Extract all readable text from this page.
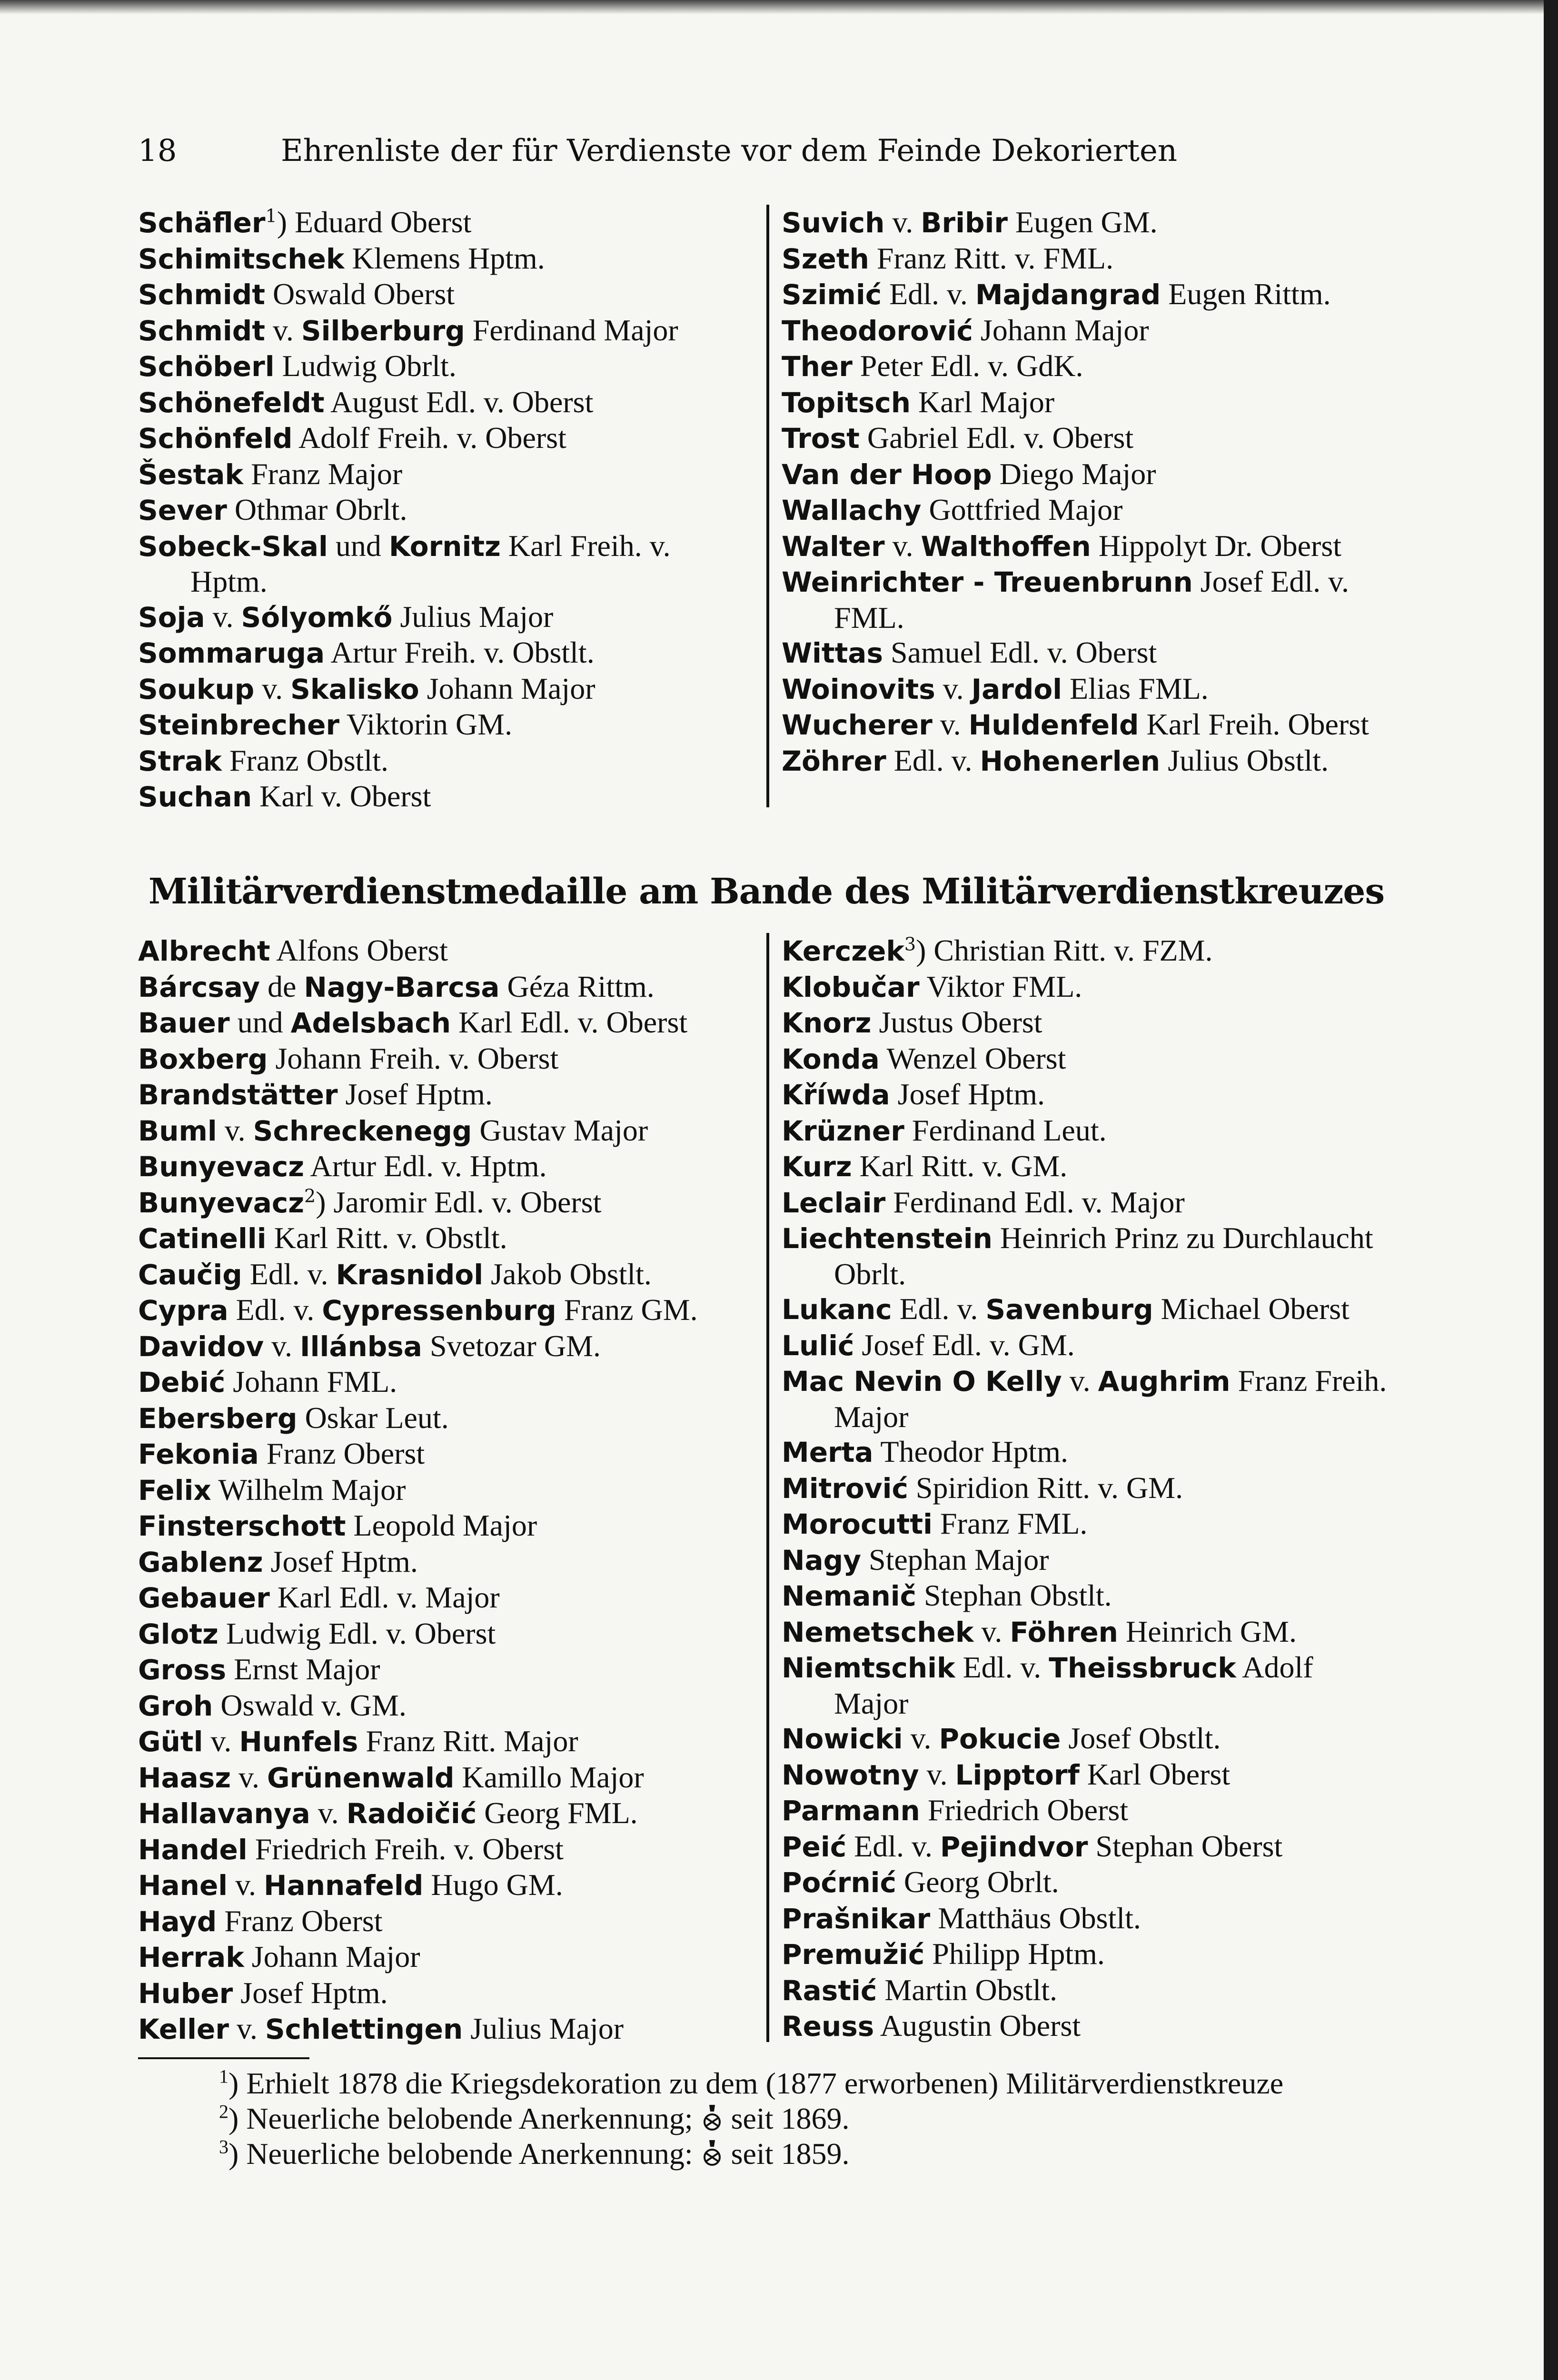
18	Ehrenliste der für Verdienste vor dem Feinde Dekorierten
Schäfler$^1$) Eduard Oberst
Schimitschek Klemens Hptm.
Schmidt Oswald Oberst
Schmidt v. Silberburg Ferdinand Major
Schöberl Ludwig Obrlt.
Schönefeldt August Edl. v. Oberst
Schönfeld Adolf Freih. v. Oberst
Šestak Franz Major
Sever Othmar Obrlt.
Sobeck-Skal und Kornitz Karl Freih. v. Hptm.
Soja v. Sólyomkő Julius Major
Sommaruga Artur Freih. v. Obstlt.
Soukup v. Skalisko Johann Major
Steinbrecher Viktorin GM.
Strak Franz Obstlt.
Suchan Karl v. Oberst
Suvich v. Bribir Eugen GM.
Szeth Franz Ritt. v. FML.
Szimić Edl. v. Majdangrad Eugen Rittm.
Theodorović Johann Major
Ther Peter Edl. v. GdK.
Topitsch Karl Major
Trost Gabriel Edl. v. Oberst
Van der Hoop Diego Major
Wallachy Gottfried Major
Walter v. Walthoffen Hippolyt Dr. Oberst
Weinrichter - Treuenbrunn Josef Edl. v. FML.
Wittas Samuel Edl. v. Oberst
Woinovits v. Jardol Elias FML.
Wucherer v. Huldenfeld Karl Freih. Oberst
Zöhrer Edl. v. Hohenerlen Julius Obstlt.
Militärverdienstmedaille am Bande des Militärverdienstkreuzes
Albrecht Alfons Oberst
Bárcsay de Nagy-Barcsa Géza Rittm.
Bauer und Adelsbach Karl Edl. v. Oberst
Boxberg Johann Freih. v. Oberst
Brandstätter Josef Hptm.
Buml v. Schreckenegg Gustav Major
Bunyevacz Artur Edl. v. Hptm.
Bunyevacz$^2$) Jaromir Edl. v. Oberst
Catinelli Karl Ritt. v. Obstlt.
Caučig Edl. v. Krasnidol Jakob Obstlt.
Cypra Edl. v. Cypressenburg Franz GM.
Davidov v. Illánbsa Svetozar GM.
Debić Johann FML.
Ebersberg Oskar Leut.
Fekonia Franz Oberst
Felix Wilhelm Major
Finsterschott Leopold Major
Gablenz Josef Hptm.
Gebauer Karl Edl. v. Major
Glotz Ludwig Edl. v. Oberst
Gross Ernst Major
Groh Oswald v. GM.
Gütl v. Hunfels Franz Ritt. Major
Haasz v. Grünenwald Kamillo Major
Hallavanya v. Radoičić Georg FML.
Handel Friedrich Freih. v. Oberst
Hanel v. Hannafeld Hugo GM.
Hayd Franz Oberst
Herrak Johann Major
Huber Josef Hptm.
Keller v. Schlettingen Julius Major
Kerczek$^3$) Christian Ritt. v. FZM.
Klobučar Viktor FML.
Knorz Justus Oberst
Konda Wenzel Oberst
Kříwda Josef Hptm.
Krüzner Ferdinand Leut.
Kurz Karl Ritt. v. GM.
Leclair Ferdinand Edl. v. Major
Liechtenstein Heinrich Prinz zu Durchlaucht Obrlt.
Lukanc Edl. v. Savenburg Michael Oberst
Lulić Josef Edl. v. GM.
Mac Nevin O Kelly v. Aughrim Franz Freih. Major
Merta Theodor Hptm.
Mitrović Spiridion Ritt. v. GM.
Morocutti Franz FML.
Nagy Stephan Major
Nemanič Stephan Obstlt.
Nemetschek v. Föhren Heinrich GM.
Niemtschik Edl. v. Theissbruck Adolf Major
Nowicki v. Pokucie Josef Obstlt.
Nowotny v. Lipptorf Karl Oberst
Parmann Friedrich Oberst
Peić Edl. v. Pejindvor Stephan Oberst
Poćrnić Georg Obrlt.
Prašnikar Matthäus Obstlt.
Premužić Philipp Hptm.
Rastić Martin Obstlt.
Reuss Augustin Oberst
$^1$) Erhielt 1878 die Kriegsdekoration zu dem (1877 erworbenen) Militärverdienstkreuze
$^2$) Neuerliche belobende Anerkennung; seit 1869.
$^3$) Neuerliche belobende Anerkennung: seit 1859.
